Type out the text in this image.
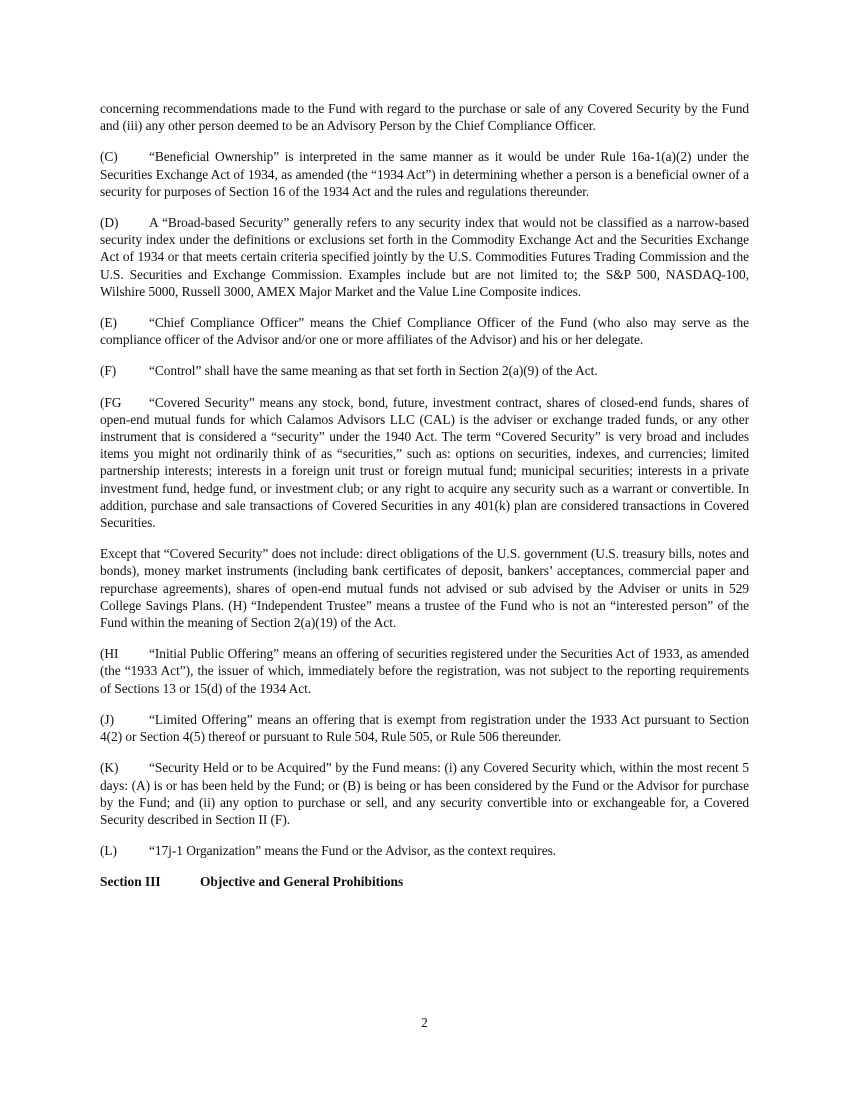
concerning recommendations made to the Fund with regard to the purchase or sale of any Covered Security by the Fund and (iii) any other person deemed to be an Advisory Person by the Chief Compliance Officer.

(C) “Beneficial Ownership” is interpreted in the same manner as it would be under Rule 16a-1(a)(2) under the Securities Exchange Act of 1934, as amended (the “1934 Act”) in determining whether a person is a beneficial owner of a security for purposes of Section 16 of the 1934 Act and the rules and regulations thereunder.

(D) A “Broad-based Security” generally refers to any security index that would not be classified as a narrow-based security index under the definitions or exclusions set forth in the Commodity Exchange Act and the Securities Exchange Act of 1934 or that meets certain criteria specified jointly by the U.S. Commodities Futures Trading Commission and the U.S. Securities and Exchange Commission. Examples include but are not limited to; the S&P 500, NASDAQ-100, Wilshire 5000, Russell 3000, AMEX Major Market and the Value Line Composite indices.

(E) “Chief Compliance Officer” means the Chief Compliance Officer of the Fund (who also may serve as the compliance officer of the Advisor and/or one or more affiliates of the Advisor) and his or her delegate.

(F) “Control” shall have the same meaning as that set forth in Section 2(a)(9) of the Act.

(FG “Covered Security” means any stock, bond, future, investment contract, shares of closed-end funds, shares of open-end mutual funds for which Calamos Advisors LLC (CAL) is the adviser or exchange traded funds, or any other instrument that is considered a “security” under the 1940 Act. The term “Covered Security” is very broad and includes items you might not ordinarily think of as “securities,” such as: options on securities, indexes, and currencies; limited partnership interests; interests in a foreign unit trust or foreign mutual fund; municipal securities; interests in a private investment fund, hedge fund, or investment club; or any right to acquire any security such as a warrant or convertible. In addition, purchase and sale transactions of Covered Securities in any 401(k) plan are considered transactions in Covered Securities.

Except that “Covered Security” does not include: direct obligations of the U.S. government (U.S. treasury bills, notes and bonds), money market instruments (including bank certificates of deposit, bankers’ acceptances, commercial paper and repurchase agreements), shares of open-end mutual funds not advised or sub advised by the Adviser or units in 529 College Savings Plans. (H) “Independent Trustee” means a trustee of the Fund who is not an “interested person” of the Fund within the meaning of Section 2(a)(19) of the Act.

(HI “Initial Public Offering” means an offering of securities registered under the Securities Act of 1933, as amended (the “1933 Act”), the issuer of which, immediately before the registration, was not subject to the reporting requirements of Sections 13 or 15(d) of the 1934 Act.

(J)	“Limited Offering” means an offering that is exempt from registration under the 1933 Act pursuant to Section 4(2) or Section 4(5) thereof or pursuant to Rule 504, Rule 505, or Rule 506 thereunder.

(K) “Security Held or to be Acquired” by the Fund means: (i) any Covered Security which, within the most recent 5 days: (A) is or has been held by the Fund; or (B) is being or has been considered by the Fund or the Advisor for purchase by the Fund; and (ii) any option to purchase or sell, and any security convertible into or exchangeable for, a Covered Security described in Section II (F).

(L) “17j-1 Organization” means the Fund or the Advisor, as the context requires.

Section III	Objective and General Prohibitions

2
